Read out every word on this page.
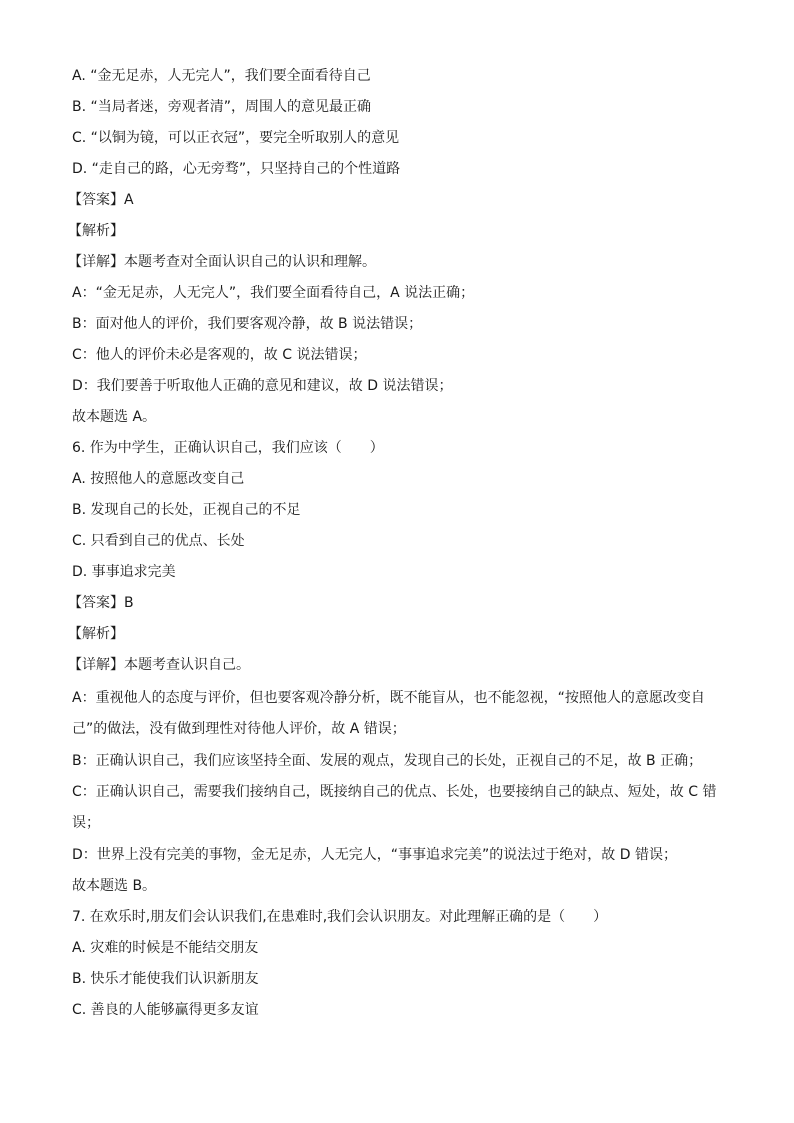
A. “金无足赤，人无完人”，我们要全面看待自己
B. “当局者迷，旁观者清”，周围人的意见最正确
C. “以铜为镜，可以正衣冠”，要完全听取别人的意见
D. “走自己的路，心无旁骛”，只坚持自己的个性道路
【答案】A
【解析】
【详解】本题考查对全面认识自己的认识和理解。
A：“金无足赤，人无完人”，我们要全面看待自己，A 说法正确；
B：面对他人的评价，我们要客观冷静，故 B 说法错误；
C：他人的评价未必是客观的，故 C 说法错误；
D：我们要善于听取他人正确的意见和建议，故 D 说法错误；
故本题选 A。
6. 作为中学生，正确认识自己，我们应该（　　）
A. 按照他人的意愿改变自己
B. 发现自己的长处，正视自己的不足
C. 只看到自己的优点、长处
D. 事事追求完美
【答案】B
【解析】
【详解】本题考查认识自己。
A：重视他人的态度与评价，但也要客观冷静分析，既不能盲从，也不能忽视，“按照他人的意愿改变自
己”的做法，没有做到理性对待他人评价，故 A 错误；
B：正确认识自己，我们应该坚持全面、发展的观点，发现自己的长处，正视自己的不足，故 B 正确；
C：正确认识自己，需要我们接纳自己，既接纳自己的优点、长处，也要接纳自己的缺点、短处，故 C 错
误；
D：世界上没有完美的事物，金无足赤，人无完人，“事事追求完美”的说法过于绝对，故 D 错误；
故本题选 B。
7. 在欢乐时,朋友们会认识我们,在患难时,我们会认识朋友。对此理解正确的是（　　）
A. 灾难的时候是不能结交朋友
B. 快乐才能使我们认识新朋友
C. 善良的人能够赢得更多友谊
